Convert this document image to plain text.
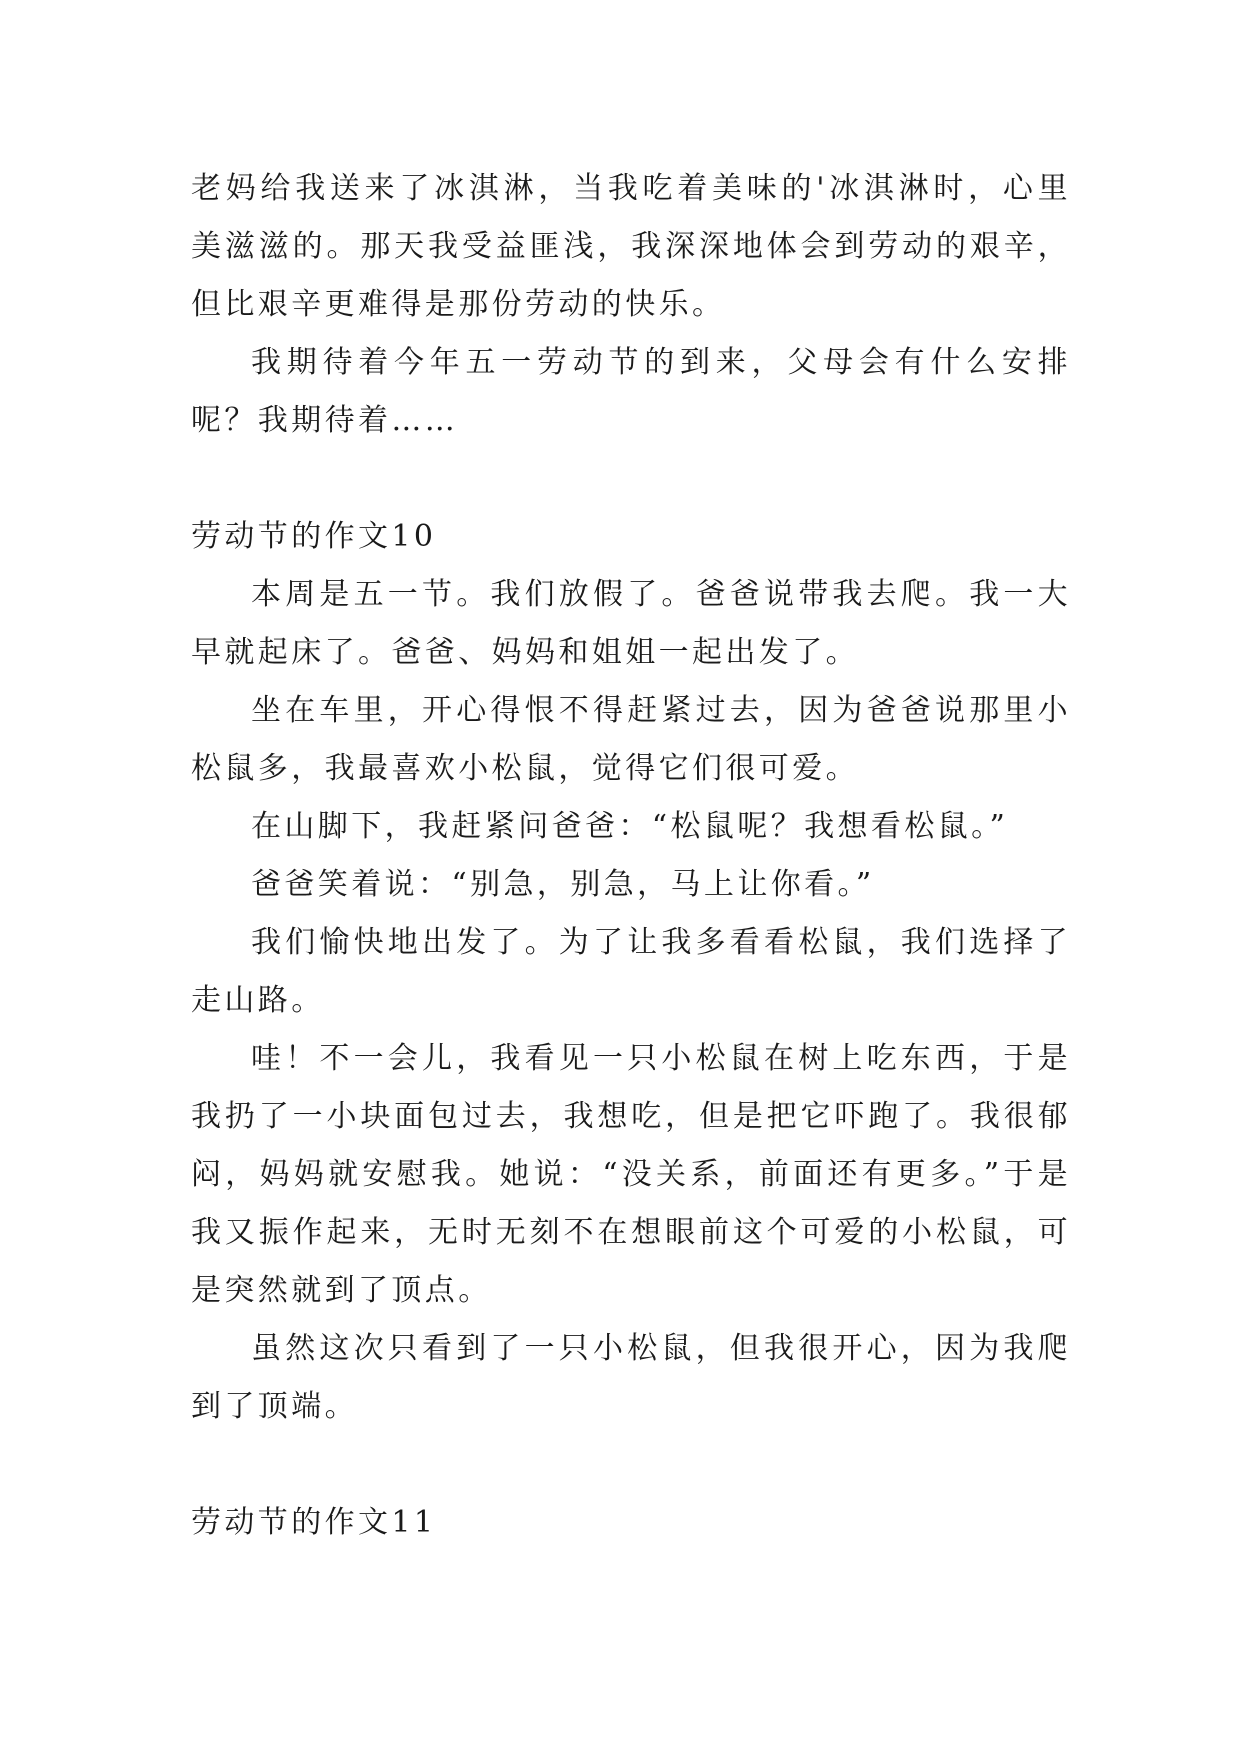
老妈给我送来了冰淇淋，当我吃着美味的'冰淇淋时，心里美滋滋的。那天我受益匪浅，我深深地体会到劳动的艰辛，但比艰辛更难得是那份劳动的快乐。

我期待着今年五一劳动节的到来，父母会有什么安排呢？我期待着……

劳动节的作文10

本周是五一节。我们放假了。爸爸说带我去爬。我一大早就起床了。爸爸、妈妈和姐姐一起出发了。

坐在车里，开心得恨不得赶紧过去，因为爸爸说那里小松鼠多，我最喜欢小松鼠，觉得它们很可爱。

在山脚下，我赶紧问爸爸：“松鼠呢？我想看松鼠。”

爸爸笑着说：“别急，别急，马上让你看。”

我们愉快地出发了。为了让我多看看松鼠，我们选择了走山路。

哇！不一会儿，我看见一只小松鼠在树上吃东西，于是我扔了一小块面包过去，我想吃，但是把它吓跑了。我很郁闷，妈妈就安慰我。她说：“没关系，前面还有更多。”于是我又振作起来，无时无刻不在想眼前这个可爱的小松鼠，可是突然就到了顶点。

虽然这次只看到了一只小松鼠，但我很开心，因为我爬到了顶端。

劳动节的作文11
